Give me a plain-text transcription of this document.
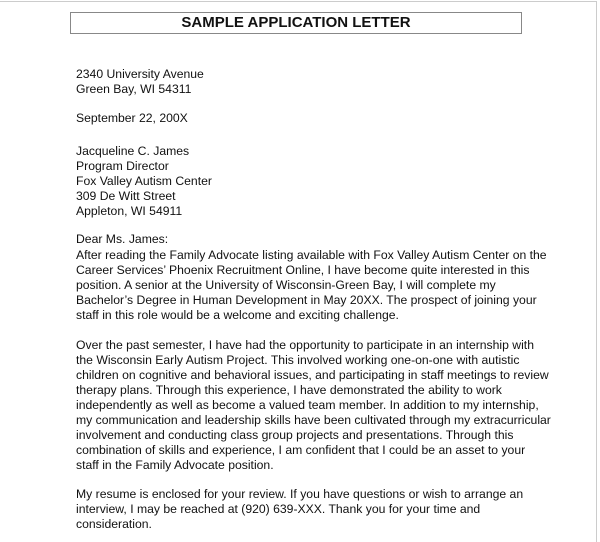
SAMPLE APPLICATION LETTER
2340 University Avenue
Green Bay, WI 54311
September 22, 200X
Jacqueline C. James
Program Director
Fox Valley Autism Center
309 De Witt Street
Appleton, WI 54911
Dear Ms. James:
After reading the Family Advocate listing available with Fox Valley Autism Center on the
Career Services’ Phoenix Recruitment Online, I have become quite interested in this
position. A senior at the University of Wisconsin-Green Bay, I will complete my
Bachelor’s Degree in Human Development in May 20XX. The prospect of joining your
staff in this role would be a welcome and exciting challenge.
Over the past semester, I have had the opportunity to participate in an internship with
the Wisconsin Early Autism Project. This involved working one-on-one with autistic
children on cognitive and behavioral issues, and participating in staff meetings to review
therapy plans. Through this experience, I have demonstrated the ability to work
independently as well as become a valued team member. In addition to my internship,
my communication and leadership skills have been cultivated through my extracurricular
involvement and conducting class group projects and presentations. Through this
combination of skills and experience, I am confident that I could be an asset to your
staff in the Family Advocate position.
My resume is enclosed for your review. If you have questions or wish to arrange an
interview, I may be reached at (920) 639-XXX. Thank you for your time and
consideration.
